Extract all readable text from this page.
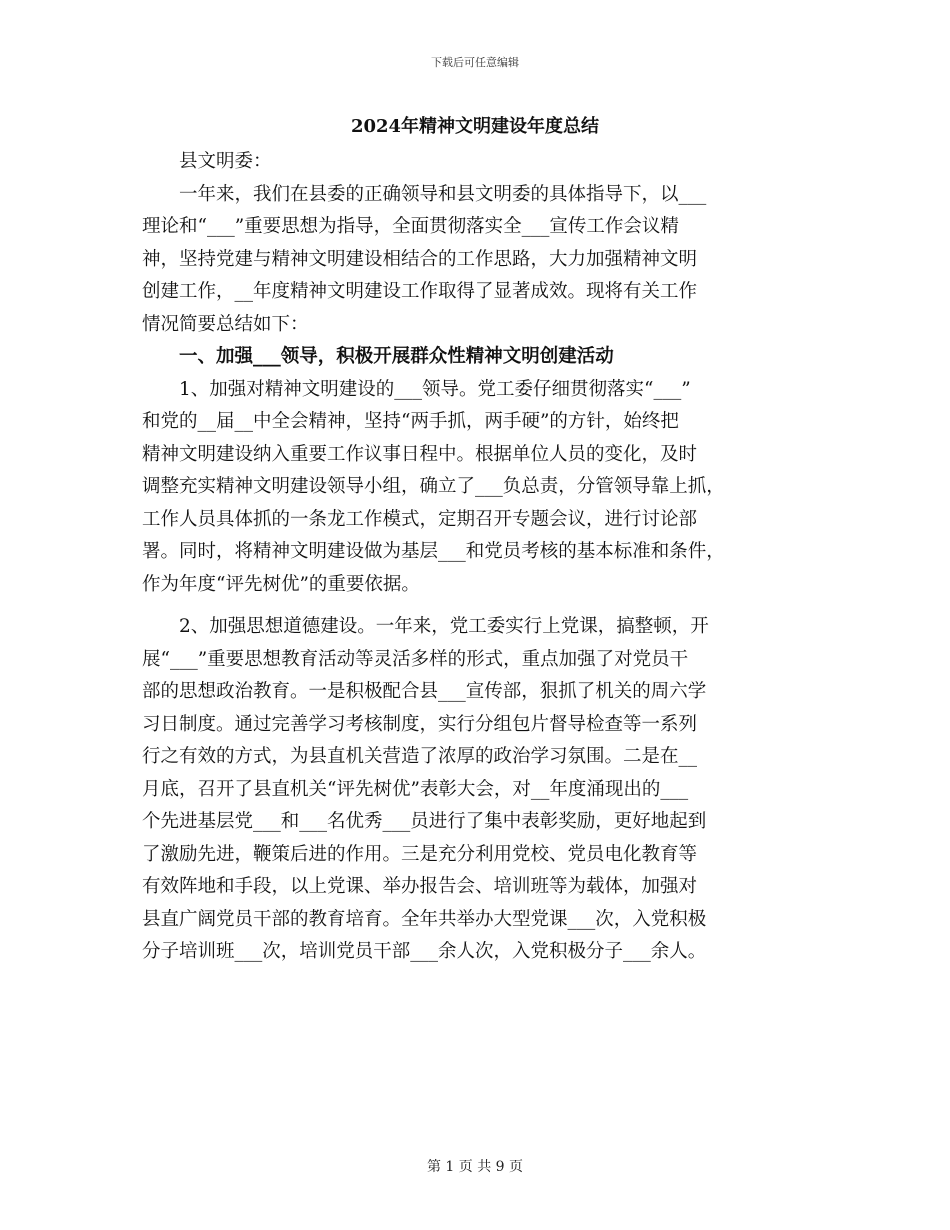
下载后可任意编辑
2024年精神文明建设年度总结
县文明委：
一年来，我们在县委的正确领导和县文明委的具体指导下，以___
理论和“___”重要思想为指导，全面贯彻落实全___宣传工作会议精
神，坚持党建与精神文明建设相结合的工作思路，大力加强精神文明
创建工作，__年度精神文明建设工作取得了显著成效。现将有关工作
情况简要总结如下：
一、加强___领导，积极开展群众性精神文明创建活动
1、加强对精神文明建设的___领导。党工委仔细贯彻落实“___”
和党的__届__中全会精神，坚持“两手抓，两手硬”的方针，始终把
精神文明建设纳入重要工作议事日程中。根据单位人员的变化，及时
调整充实精神文明建设领导小组，确立了___负总责，分管领导靠上抓，
工作人员具体抓的一条龙工作模式，定期召开专题会议，进行讨论部
署。同时，将精神文明建设做为基层___和党员考核的基本标准和条件，
作为年度“评先树优”的重要依据。
2、加强思想道德建设。一年来，党工委实行上党课，搞整顿，开
展“___”重要思想教育活动等灵活多样的形式，重点加强了对党员干
部的思想政治教育。一是积极配合县___宣传部，狠抓了机关的周六学
习日制度。通过完善学习考核制度，实行分组包片督导检查等一系列
行之有效的方式，为县直机关营造了浓厚的政治学习氛围。二是在__
月底，召开了县直机关“评先树优”表彰大会，对__年度涌现出的___
个先进基层党___和___名优秀___员进行了集中表彰奖励，更好地起到
了激励先进，鞭策后进的作用。三是充分利用党校、党员电化教育等
有效阵地和手段，以上党课、举办报告会、培训班等为载体，加强对
县直广阔党员干部的教育培育。全年共举办大型党课___次，入党积极
分子培训班___次，培训党员干部___余人次，入党积极分子___余人。
第 1 页 共 9 页
